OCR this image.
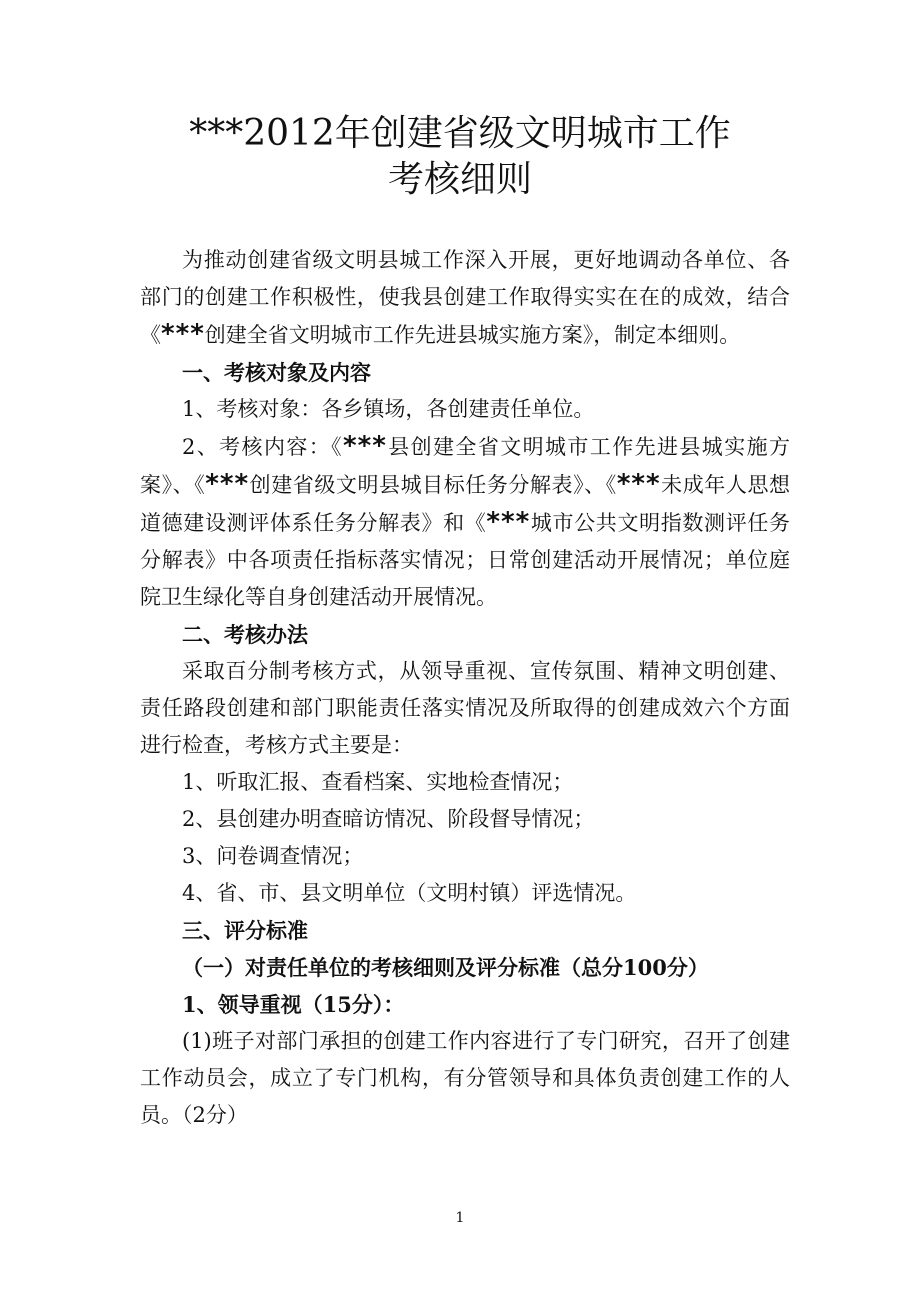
***2012年创建省级文明城市工作
考核细则

为推动创建省级文明县城工作深入开展，更好地调动各单位、各部门的创建工作积极性，使我县创建工作取得实实在在的成效，结合《***创建全省文明城市工作先进县城实施方案》，制定本细则。

一、考核对象及内容

1、考核对象：各乡镇场，各创建责任单位。

2、考核内容：《***县创建全省文明城市工作先进县城实施方案》、《***创建省级文明县城目标任务分解表》、《***未成年人思想道德建设测评体系任务分解表》和《***城市公共文明指数测评任务分解表》中各项责任指标落实情况；日常创建活动开展情况；单位庭院卫生绿化等自身创建活动开展情况。

二、考核办法

采取百分制考核方式，从领导重视、宣传氛围、精神文明创建、责任路段创建和部门职能责任落实情况及所取得的创建成效六个方面进行检查，考核方式主要是：

1、听取汇报、查看档案、实地检查情况；

2、县创建办明查暗访情况、阶段督导情况；

3、问卷调查情况；

4、省、市、县文明单位（文明村镇）评选情况。

三、评分标准

（一）对责任单位的考核细则及评分标准（总分100分）

1、领导重视（15分）：

(1)班子对部门承担的创建工作内容进行了专门研究，召开了创建工作动员会，成立了专门机构，有分管领导和具体负责创建工作的人员。（2分）

1
